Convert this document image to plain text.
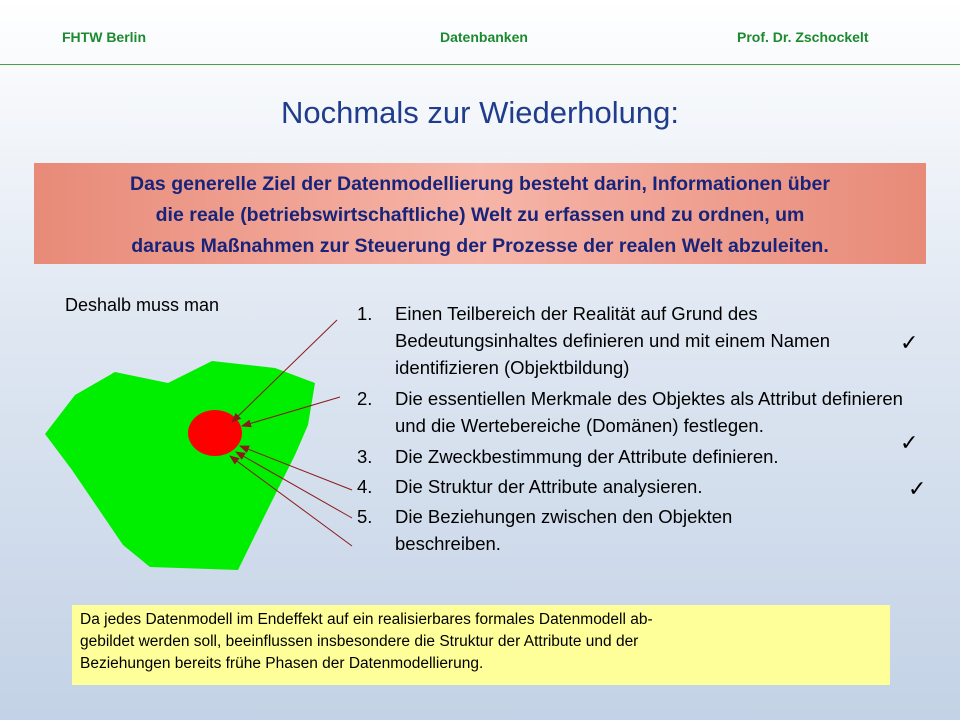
FHTW Berlin	Datenbanken	Prof. Dr. Zschockelt
Nochmals zur Wiederholung:
Das generelle Ziel der Datenmodellierung besteht darin, Informationen über
die reale (betriebswirtschaftliche) Welt zu erfassen und zu ordnen, um
daraus Maßnahmen zur Steuerung der Prozesse der realen Welt abzuleiten.
Deshalb muss man	1. Einen Teilbereich der Realität auf Grund des Bedeutungsinhaltes definieren und mit einem Namen identifizieren (Objektbildung)
2. Die essentiellen Merkmale des Objektes als Attribut definieren und die Wertebereiche (Domänen) festlegen.
3. Die Zweckbestimmung der Attribute definieren.
4. Die Struktur der Attribute analysieren.
5. Die Beziehungen zwischen den Objekten beschreiben.
✓
✓
✓
Da jedes Datenmodell im Endeffekt auf ein realisierbares formales Datenmodell ab-
gebildet werden soll, beeinflussen insbesondere die Struktur der Attribute und der
Beziehungen bereits frühe Phasen der Datenmodellierung.
